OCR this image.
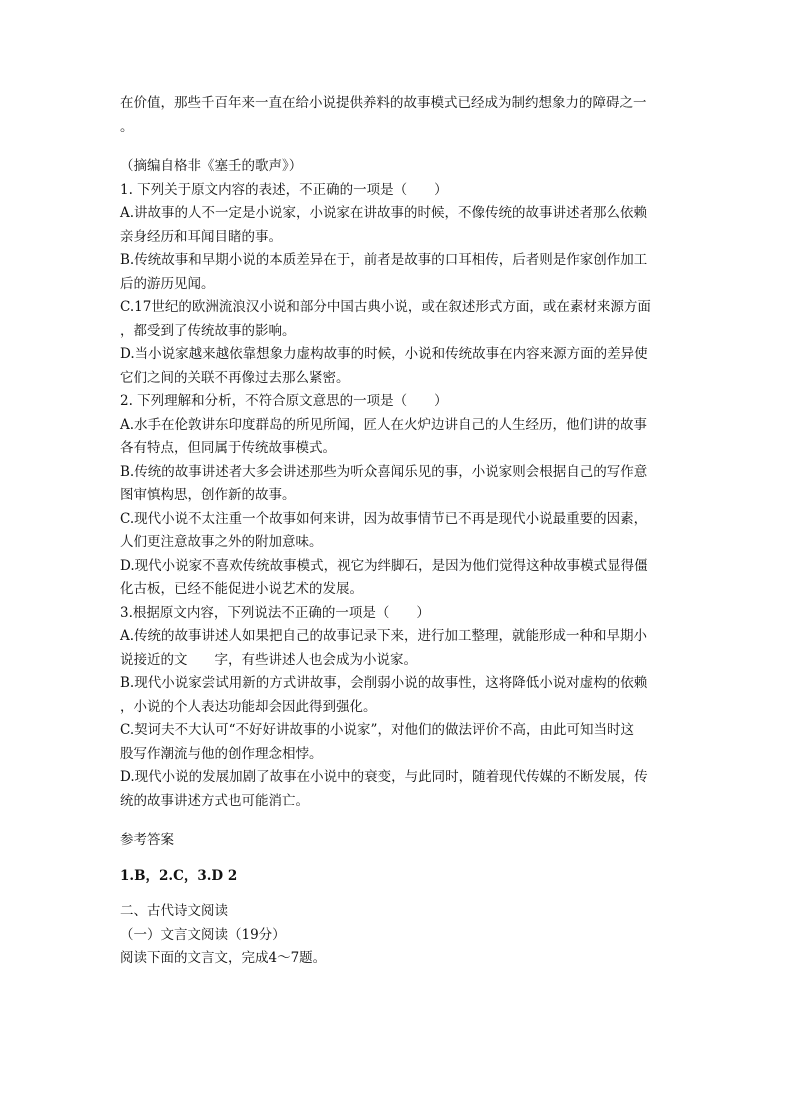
在价值，那些千百年来一直在给小说提供养料的故事模式已经成为制约想象力的障碍之一

。

（摘编自格非《塞壬的歌声》）

1. 下列关于原文内容的表述，不正确的一项是（　　）

A.讲故事的人不一定是小说家，小说家在讲故事的时候，不像传统的故事讲述者那么依赖

亲身经历和耳闻目睹的事。

B.传统故事和早期小说的本质差异在于，前者是故事的口耳相传，后者则是作家创作加工

后的游历见闻。

C.17世纪的欧洲流浪汉小说和部分中国古典小说，或在叙述形式方面，或在素材来源方面

，都受到了传统故事的影响。

D.当小说家越来越依靠想象力虚构故事的时候，小说和传统故事在内容来源方面的差异使

它们之间的关联不再像过去那么紧密。

2. 下列理解和分析，不符合原文意思的一项是（　　）

A.水手在伦敦讲东印度群岛的所见所闻，匠人在火炉边讲自己的人生经历，他们讲的故事

各有特点，但同属于传统故事模式。

B.传统的故事讲述者大多会讲述那些为听众喜闻乐见的事，小说家则会根据自己的写作意

图审慎构思，创作新的故事。

C.现代小说不太注重一个故事如何来讲，因为故事情节已不再是现代小说最重要的因素，

人们更注意故事之外的附加意味。

D.现代小说家不喜欢传统故事模式，视它为绊脚石，是因为他们觉得这种故事模式显得僵

化古板，已经不能促进小说艺术的发展。

3.根据原文内容，下列说法不正确的一项是（　　）

A.传统的故事讲述人如果把自己的故事记录下来，进行加工整理，就能形成一种和早期小

说接近的文　　字，有些讲述人也会成为小说家。

B.现代小说家尝试用新的方式讲故事，会削弱小说的故事性，这将降低小说对虚构的依赖

，小说的个人表达功能却会因此得到强化。

C.契诃夫不大认可“不好好讲故事的小说家”，对他们的做法评价不高，由此可知当时这

股写作潮流与他的创作理念相悖。

D.现代小说的发展加剧了故事在小说中的衰变，与此同时，随着现代传媒的不断发展，传

统的故事讲述方式也可能消亡。

参考答案

1.B，2.C，3.D 2

二、古代诗文阅读

（一）文言文阅读（19分）

阅读下面的文言文，完成4～7题。
